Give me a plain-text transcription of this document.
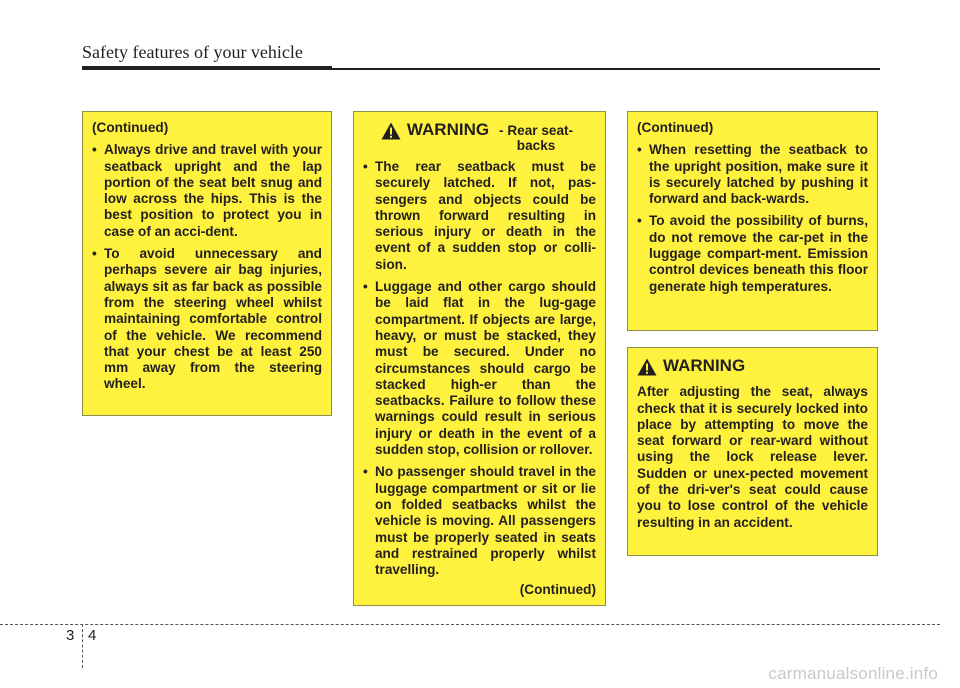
Safety features of your vehicle

(Continued)

• Always drive and travel with your seatback upright and the lap portion of the seat belt snug and low across the hips. This is the best position to protect you in case of an acci-dent.
• To avoid unnecessary and perhaps severe air bag injuries, always sit as far back as possible from the steering wheel whilst maintaining comfortable control of the vehicle. We recommend that your chest be at least 250 mm away from the steering wheel.
WARNING - Rear seat-backs
• The rear seatback must be securely latched. If not, pas-sengers and objects could be thrown forward resulting in serious injury or death in the event of a sudden stop or colli-sion.
• Luggage and other cargo should be laid flat in the lug-gage compartment. If objects are large, heavy, or must be stacked, they must be secured. Under no circumstances should cargo be stacked high-er than the seatbacks. Failure to follow these warnings could result in serious injury or death in the event of a sudden stop, collision or rollover.
• No passenger should travel in the luggage compartment or sit or lie on folded seatbacks whilst the vehicle is moving. All passengers must be properly seated in seats and restrained properly whilst travelling.

(Continued)

(Continued)

• When resetting the seatback to the upright position, make sure it is securely latched by pushing it forward and back-wards.
• To avoid the possibility of burns, do not remove the car-pet in the luggage compart-ment. Emission control devices beneath this floor generate high temperatures.
WARNING

After adjusting the seat, always check that it is securely locked into place by attempting to move the seat forward or rear-ward without using the lock release lever. Sudden or unex-pected movement of the dri-ver's seat could cause you to lose control of the vehicle resulting in an accident.

3 4
carmanualsonline.info
